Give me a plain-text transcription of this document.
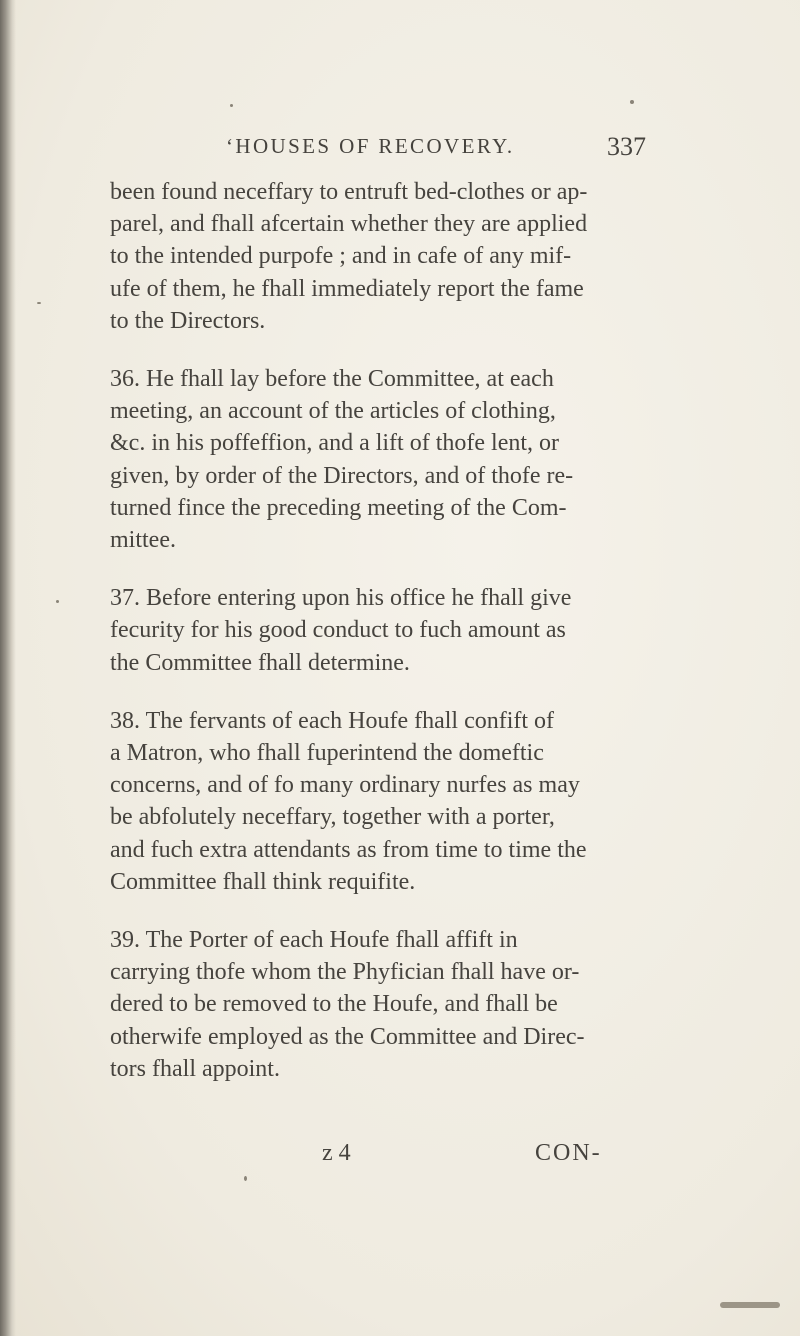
‘HOUSES OF RECOVERY.	337

been found neceffary to entruft bed-clothes or ap-
parel, and fhall afcertain whether they are applied
to the intended purpofe ; and in cafe of any mif-
ufe of them, he fhall immediately report the fame
to the Directors.

36. He fhall lay before the Committee, at each
meeting, an account of the articles of clothing,
&c. in his poffeffion, and a lift of thofe lent, or
given, by order of the Directors, and of thofe re-
turned fince the preceding meeting of the Com-
mittee.

37. Before entering upon his office he fhall give
fecurity for his good conduct to fuch amount as
the Committee fhall determine.

38. The fervants of each Houfe fhall confift of
a Matron, who fhall fuperintend the domeftic
concerns, and of fo many ordinary nurfes as may
be abfolutely neceffary, together with a porter,
and fuch extra attendants as from time to time the
Committee fhall think requifite.

39. The Porter of each Houfe fhall affift in
carrying thofe whom the Phyfician fhall have or-
dered to be removed to the Houfe, and fhall be
otherwife employed as the Committee and Direc-
tors fhall appoint.

z 4	CON-
